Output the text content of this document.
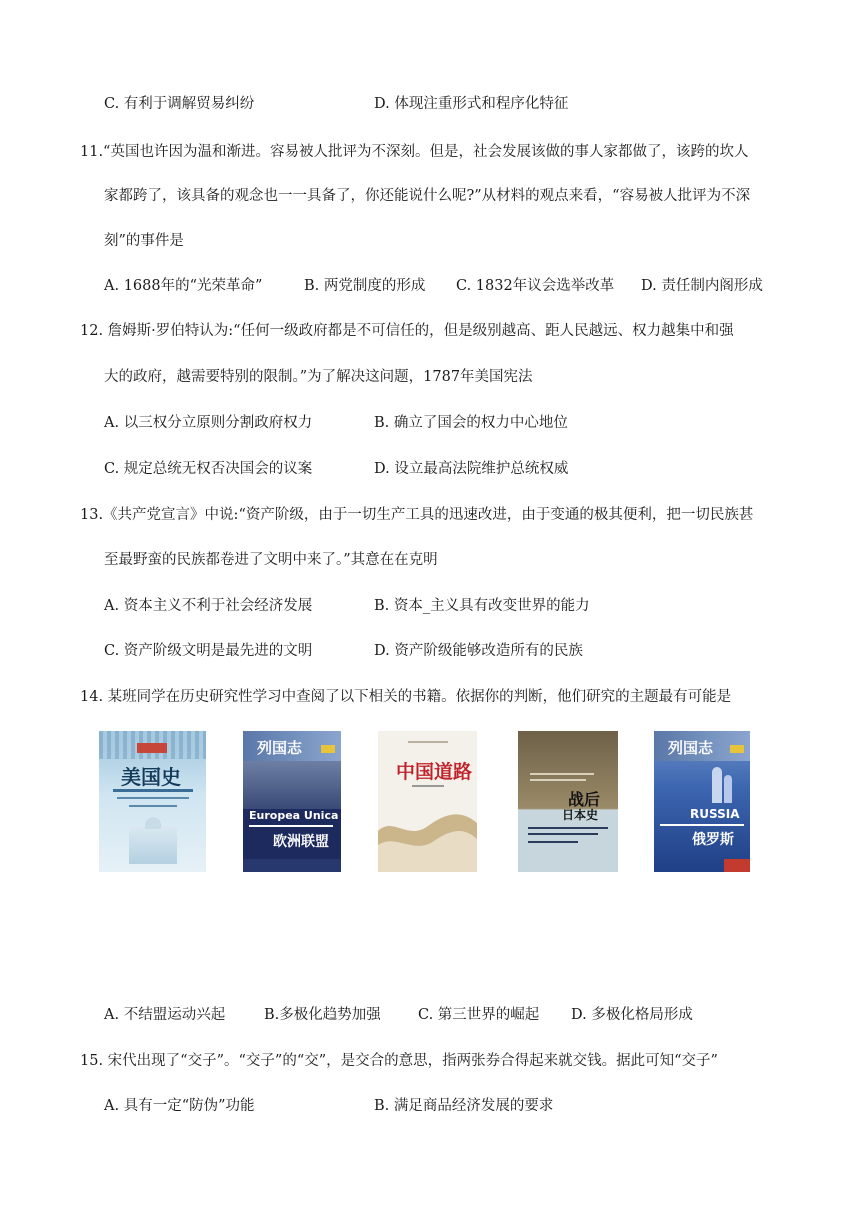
C. 有利于调解贸易纠纷	D. 体现注重形式和程序化特征
11.“英国也许因为温和渐进。容易被人批评为不深刻。但是，社会发展该做的事人家都做了，该跨的坎人
家都跨了，该具备的观念也一一具备了，你还能说什么呢?”从材料的观点来看，“容易被人批评为不深
刻”的事件是
A. 1688年的“光荣革命”	B. 两党制度的形成 C. 1832年议会选举改革 D. 责任制内阁形成
12. 詹姆斯·罗伯特认为:“任何一级政府都是不可信任的，但是级别越高、距人民越远、权力越集中和强
大的政府，越需要特别的限制。”为了解决这问题，1787年美国宪法
A. 以三权分立原则分割政府权力	B. 确立了国会的权力中心地位
C. 规定总统无权否决国会的议案	D. 设立最高法院维护总统权威
13.《共产党宣言》中说:“资产阶级，由于一切生产工具的迅速改进，由于变通的极其便利，把一切民族甚
至最野蛮的民族都卷进了文明中来了。”其意在在克明
A. 资本主义不利于社会经济发展	B. 资本_主义具有改变世界的能力
C. 资产阶级文明是最先进的文明	D. 资产阶级能够改造所有的民族
14. 某班同学在历史研究性学习中查阅了以下相关的书籍。依据你的判断，他们研究的主题最有可能是
美国史
列国志
Europea Unica
欧洲联盟
中国道路
战后
日本史
列国志
RUSSIA
俄罗斯
A. 不结盟运动兴起	B.多极化趋势加强	C. 第三世界的崛起 D. 多极化格局形成
15. 宋代出现了“交子”。“交子”的“交”，是交合的意思，指两张券合得起来就交钱。据此可知“交子”
A. 具有一定“防伪”功能	B. 满足商品经济发展的要求
